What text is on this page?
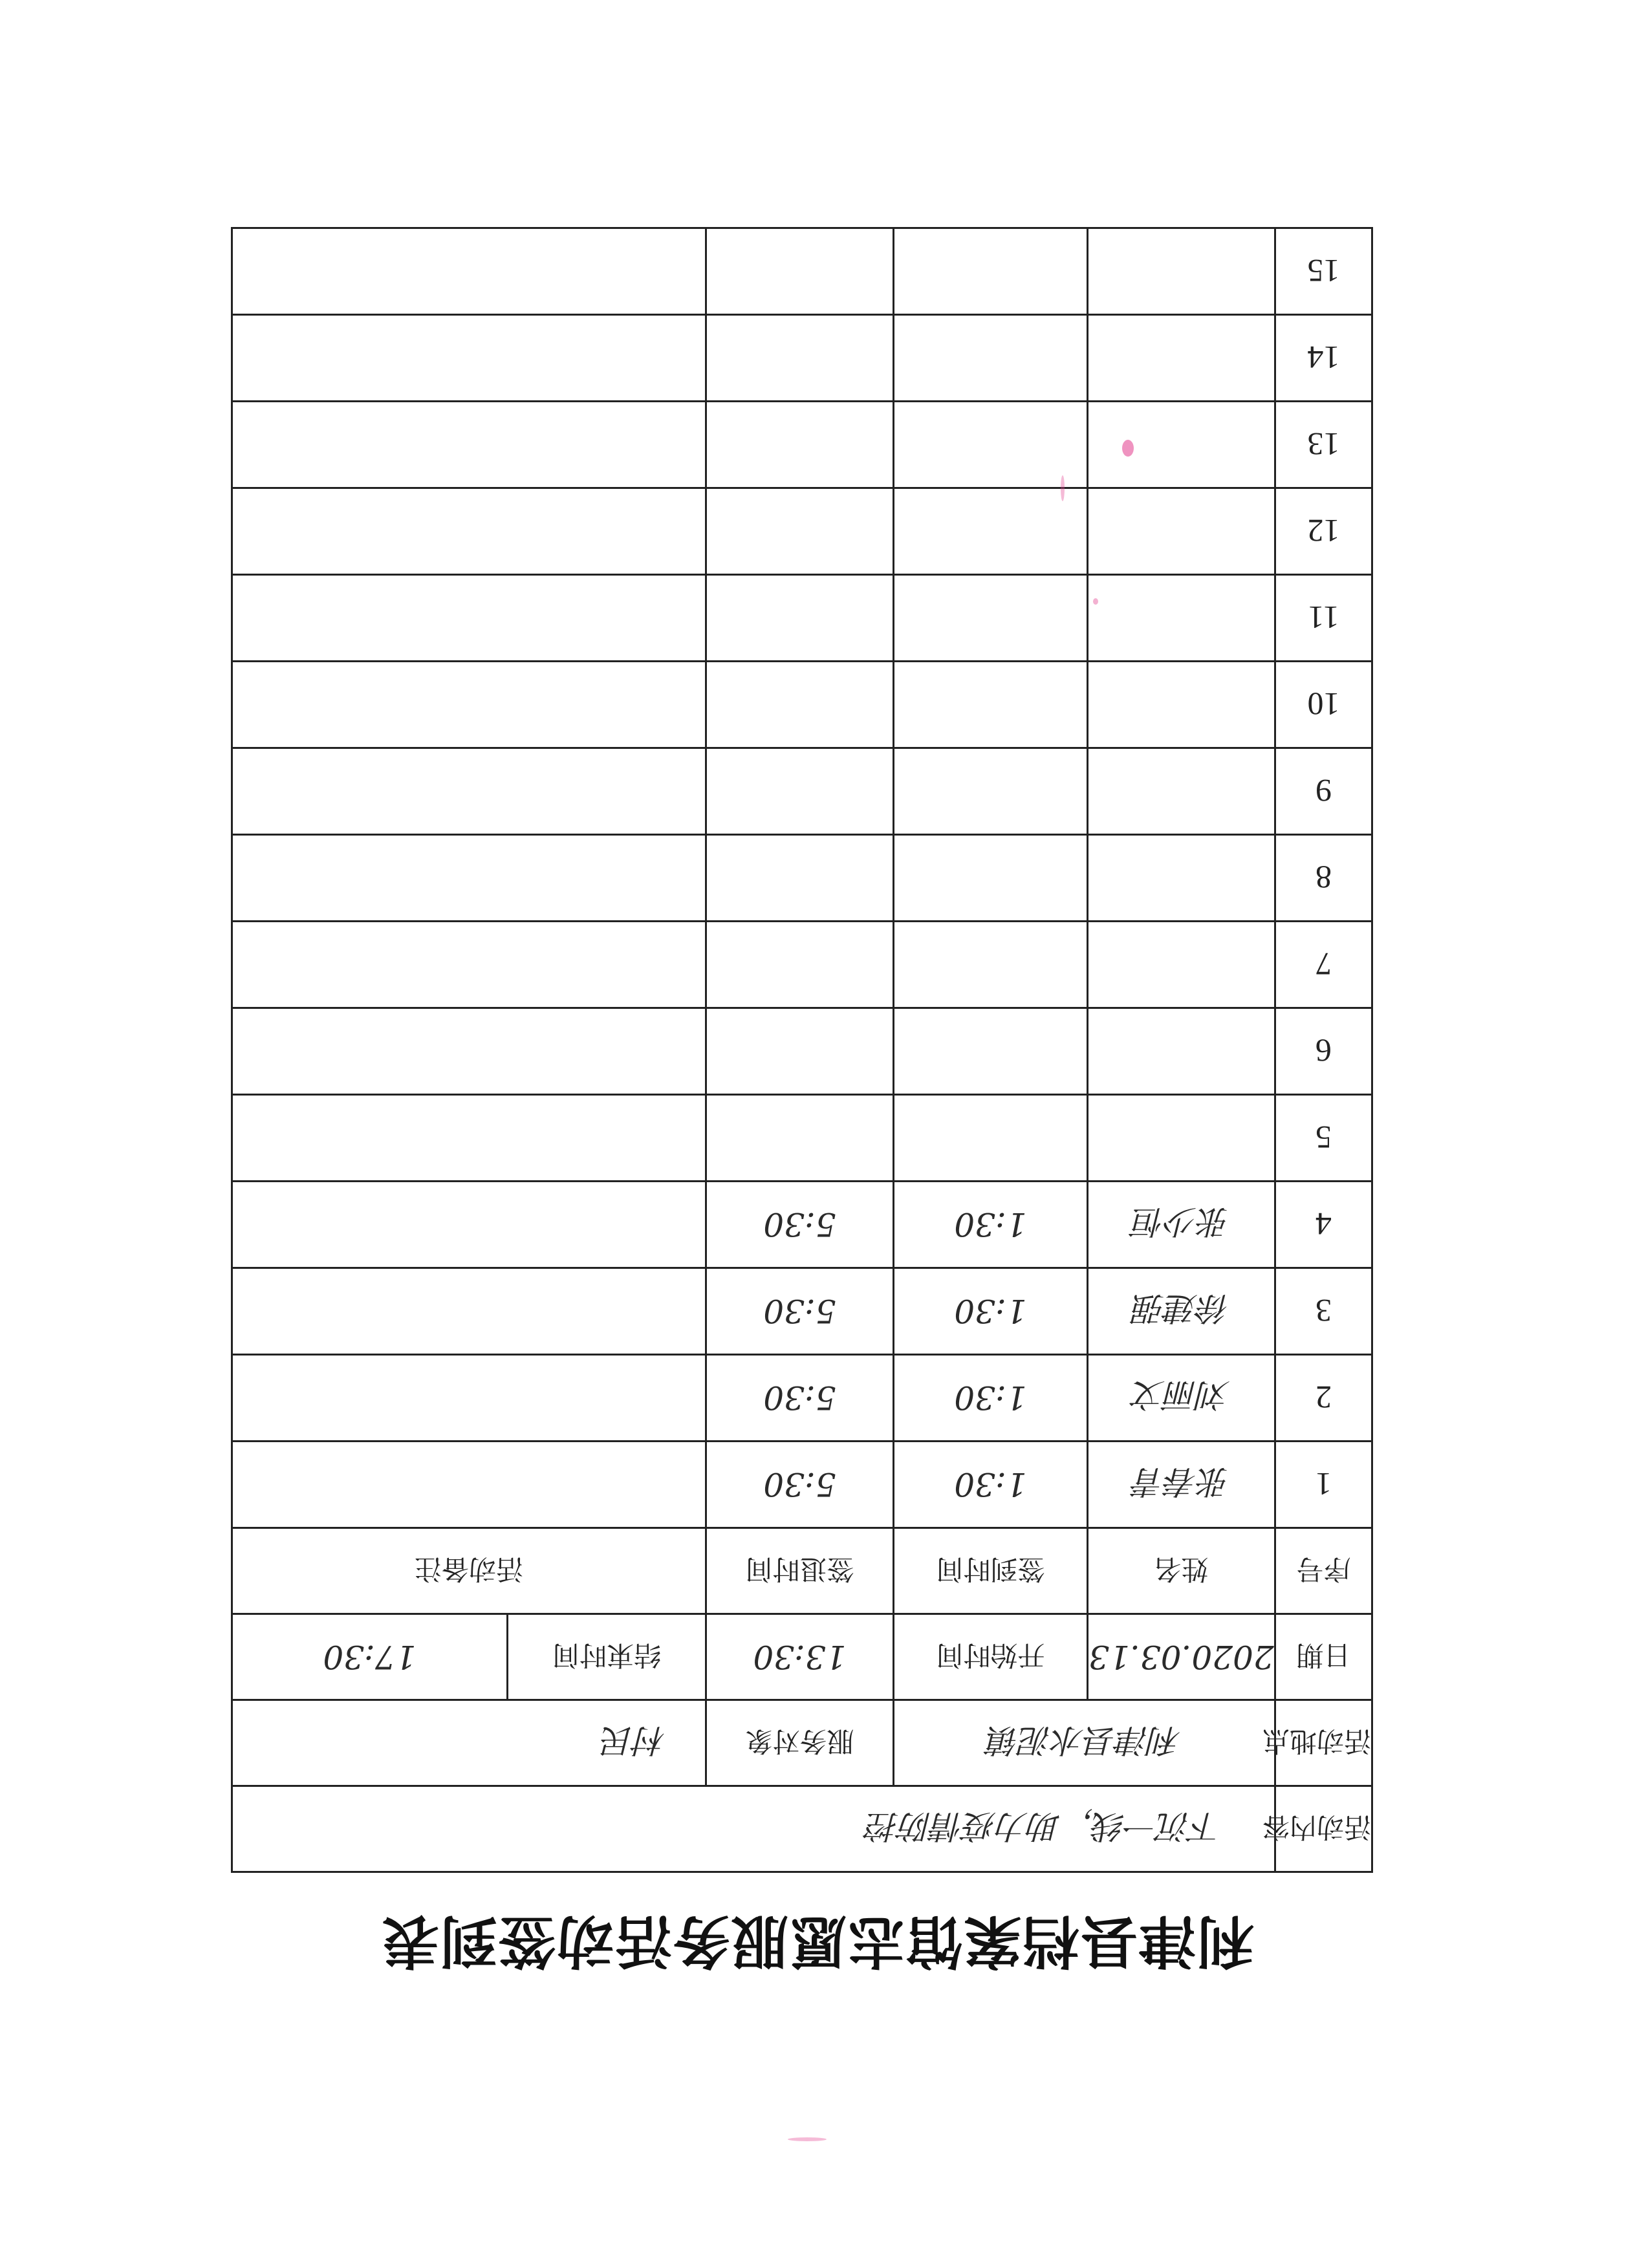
利津县档案馆志愿服务活动签到表
活动内容	下沉一线，助力疫情防控				
活动地点	利津县水泥镇		服务对象	村民	
日期	2020.03.13	开始时间	13:30	结束时间	17:30
序号	姓名	签到时间	签退时间	活动备注	
1	张春青	1:30	5:30		
2	刘丽文	1:30	5:30		
3	徐建强	1:30	5:30		
4	张少恒	1:30	5:30		
5					
6					
7					
8					
9					
10					
11					
12					
13					
14					
15					
